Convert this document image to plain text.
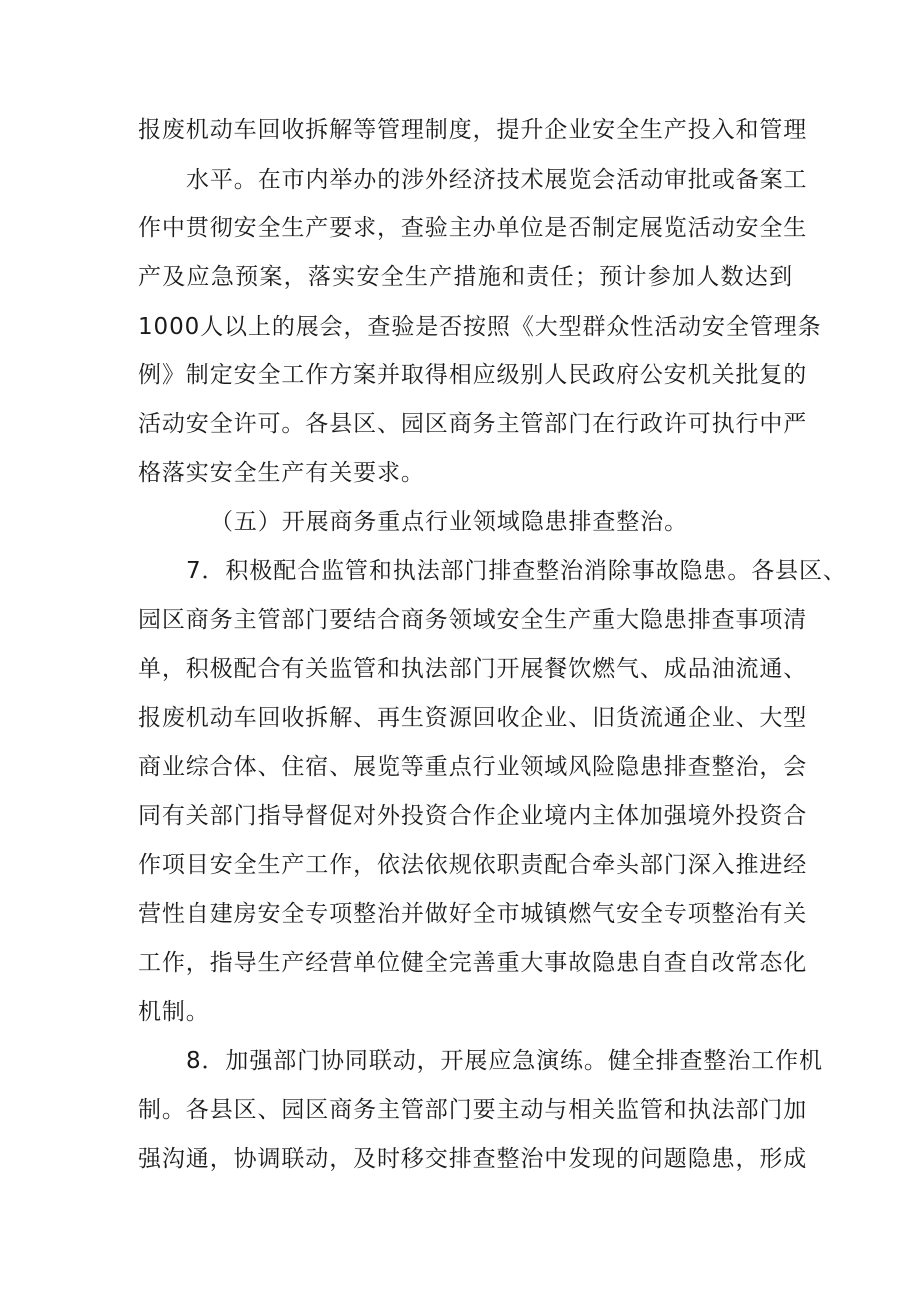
报废机动车回收拆解等管理制度，提升企业安全生产投入和管理
水平。在市内举办的涉外经济技术展览会活动审批或备案工
作中贯彻安全生产要求，查验主办单位是否制定展览活动安全生
产及应急预案，落实安全生产措施和责任；预计参加人数达到
1000人以上的展会，查验是否按照《大型群众性活动安全管理条
例》制定安全工作方案并取得相应级别人民政府公安机关批复的
活动安全许可。各县区、园区商务主管部门在行政许可执行中严
格落实安全生产有关要求。
（五）开展商务重点行业领域隐患排查整治。
7．积极配合监管和执法部门排查整治消除事故隐患。各县区、
园区商务主管部门要结合商务领域安全生产重大隐患排查事项清
单，积极配合有关监管和执法部门开展餐饮燃气、成品油流通、
报废机动车回收拆解、再生资源回收企业、旧货流通企业、大型
商业综合体、住宿、展览等重点行业领域风险隐患排查整治，会
同有关部门指导督促对外投资合作企业境内主体加强境外投资合
作项目安全生产工作，依法依规依职责配合牵头部门深入推进经
营性自建房安全专项整治并做好全市城镇燃气安全专项整治有关
工作，指导生产经营单位健全完善重大事故隐患自查自改常态化
机制。
8．加强部门协同联动，开展应急演练。健全排查整治工作机
制。各县区、园区商务主管部门要主动与相关监管和执法部门加
强沟通，协调联动，及时移交排查整治中发现的问题隐患，形成
